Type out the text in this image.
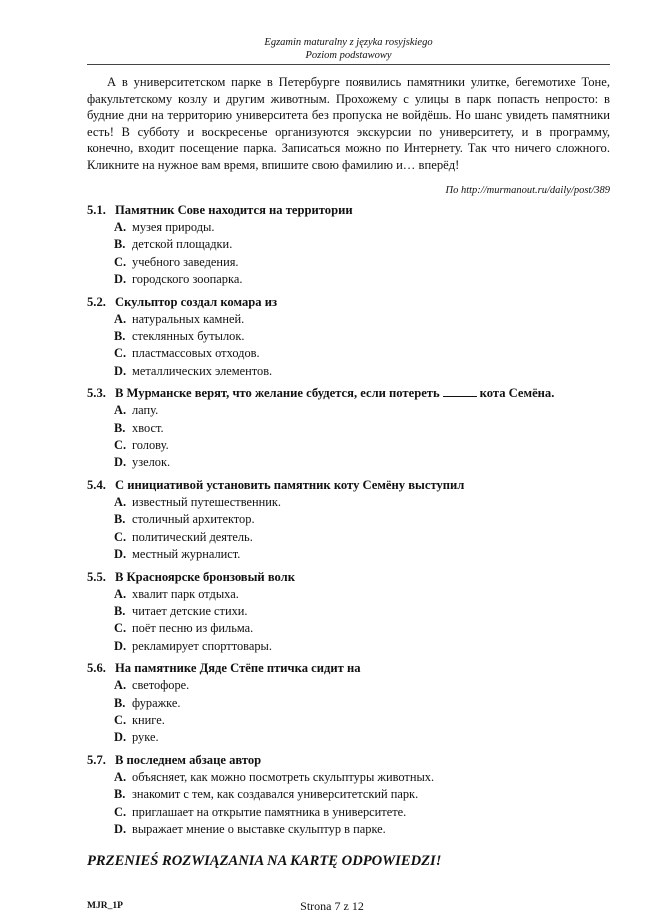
Egzamin maturalny z języka rosyjskiego
Poziom podstawowy

А в университетском парке в Петербурге появились памятники улитке, бегемотихе Тоне, факультетскому козлу и другим животным. Прохожему с улицы в парк попасть непросто: в будние дни на территорию университета без пропуска не войдёшь. Но шанс увидеть памятники есть! В субботу и воскресенье организуются экскурсии по университету, и в программу, конечно, входит посещение парка. Записаться можно по Интернету. Так что ничего сложного. Кликните на нужное вам время, впишите свою фамилию и… вперёд!

По http://murmanout.ru/daily/post/389
5.1. Памятник Сове находится на территории
A. музея природы.
B. детской площадки.
C. учебного заведения.
D. городского зоопарка.
5.2. Скульптор создал комара из
A. натуральных камней.
B. стеклянных бутылок.
C. пластмассовых отходов.
D. металлических элементов.
5.3. В Мурманске верят, что желание сбудется, если потереть	кота Семёна.
A. лапу.
B. хвост.
C. голову.
D. узелок.
5.4. С инициативой установить памятник коту Семёну выступил
A. известный путешественник.
B. столичный архитектор.
C. политический деятель.
D. местный журналист.
5.5. В Красноярске бронзовый волк
A. хвалит парк отдыха.
B. читает детские стихи.
C. поёт песню из фильма.
D. рекламирует спорттовары.
5.6. На памятнике Дяде Стёпе птичка сидит на
A. светофоре.
B. фуражке.
C. книге.
D. руке.
5.7. В последнем абзаце автор
A. объясняет, как можно посмотреть скульптуры животных.
B. знакомит с тем, как создавался университетский парк.
C. приглашает на открытие памятника в университете.
D. выражает мнение о выставке скульптур в парке.
PRZENIEŚ ROZWIĄZANIA NA KARTĘ ODPOWIEDZI!
MJR_1P	Strona 7 z 12
